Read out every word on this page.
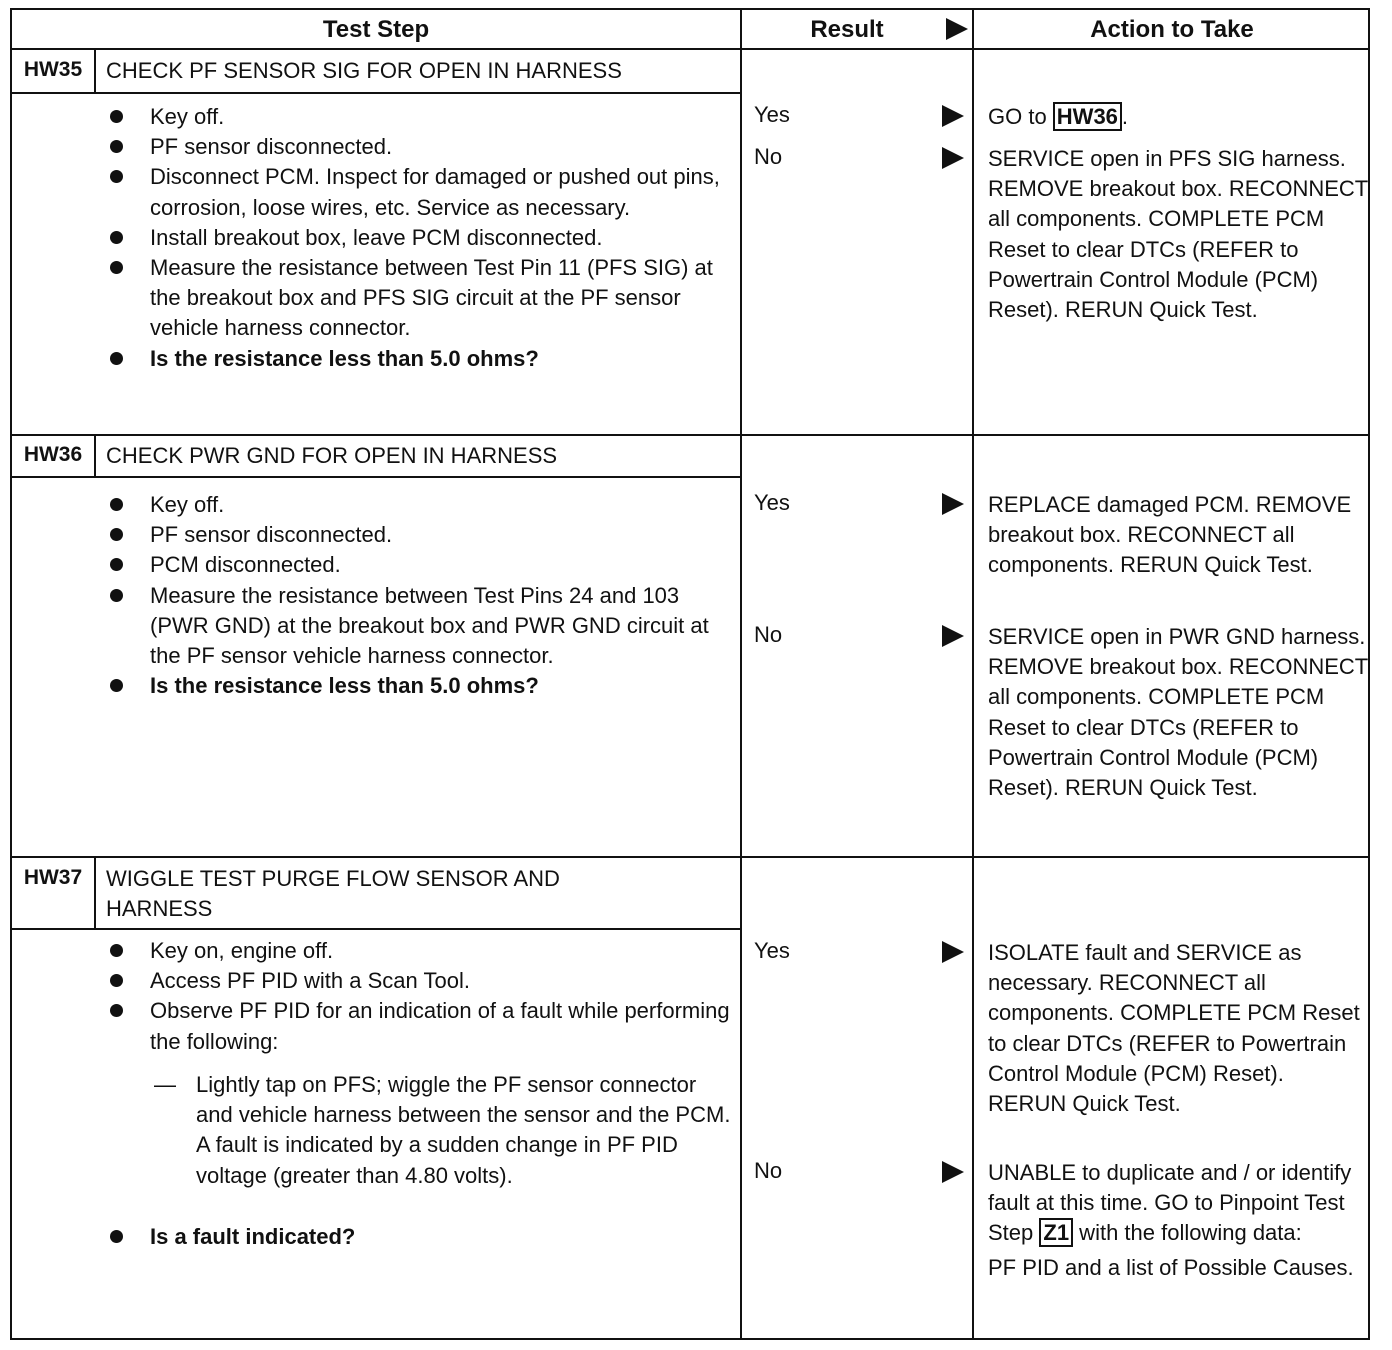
Test Step	Result	Action to Take
HW35	CHECK PF SENSOR SIG FOR OPEN IN HARNESS
Key off.
PF sensor disconnected.
Disconnect PCM. Inspect for damaged or pushed out pins, corrosion, loose wires, etc. Service as necessary.
Install breakout box, leave PCM disconnected.
Measure the resistance between Test Pin 11 (PFS SIG) at the breakout box and PFS SIG circuit at the PF sensor vehicle harness connector.
Is the resistance less than 5.0 ohms?
Yes	GO to HW36 .
No	SERVICE open in PFS SIG harness. REMOVE breakout box. RECONNECT all components. COMPLETE PCM Reset to clear DTCs (REFER to Powertrain Control Module (PCM) Reset). RERUN Quick Test.
HW36	CHECK PWR GND FOR OPEN IN HARNESS
Key off.
PF sensor disconnected.
PCM disconnected.
Measure the resistance between Test Pins 24 and 103 (PWR GND) at the breakout box and PWR GND circuit at the PF sensor vehicle harness connector.
Is the resistance less than 5.0 ohms?
Yes	REPLACE damaged PCM. REMOVE breakout box. RECONNECT all components. RERUN Quick Test.
No	SERVICE open in PWR GND harness. REMOVE breakout box. RECONNECT all components. COMPLETE PCM Reset to clear DTCs (REFER to Powertrain Control Module (PCM) Reset). RERUN Quick Test.
HW37	WIGGLE TEST PURGE FLOW SENSOR AND HARNESS
Key on, engine off.
Access PF PID with a Scan Tool.
Observe PF PID for an indication of a fault while performing the following:
— Lightly tap on PFS; wiggle the PF sensor connector and vehicle harness between the sensor and the PCM. A fault is indicated by a sudden change in PF PID voltage (greater than 4.80 volts).
Is a fault indicated?
Yes	ISOLATE fault and SERVICE as necessary. RECONNECT all components. COMPLETE PCM Reset to clear DTCs (REFER to Powertrain Control Module (PCM) Reset). RERUN Quick Test.
No	UNABLE to duplicate and / or identify fault at this time. GO to Pinpoint Test Step Z1 with the following data:
PF PID and a list of Possible Causes.
